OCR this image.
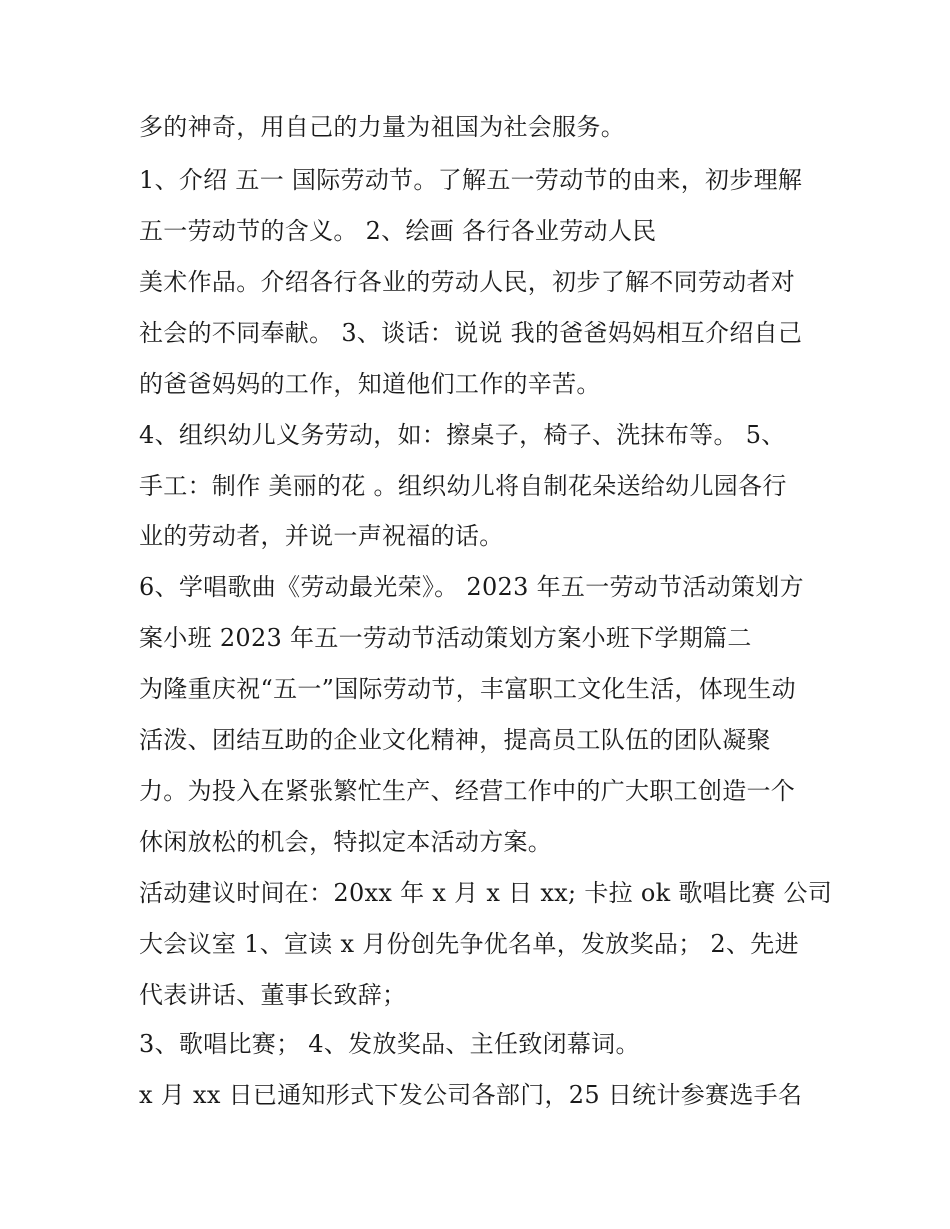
多的神奇，用自己的力量为祖国为社会服务。
1、介绍 五一 国际劳动节。了解五一劳动节的由来，初步理解
五一劳动节的含义。 2、绘画 各行各业劳动人民
美术作品。介绍各行各业的劳动人民，初步了解不同劳动者对
社会的不同奉献。 3、谈话：说说 我的爸爸妈妈相互介绍自己
的爸爸妈妈的工作，知道他们工作的辛苦。
4、组织幼儿义务劳动，如：擦桌子，椅子、洗抹布等。 5、
手工：制作 美丽的花 。组织幼儿将自制花朵送给幼儿园各行
业的劳动者，并说一声祝福的话。
6、学唱歌曲《劳动最光荣》。 2023 年五一劳动节活动策划方
案小班 2023 年五一劳动节活动策划方案小班下学期篇二
为隆重庆祝“五一”国际劳动节，丰富职工文化生活，体现生动
活泼、团结互助的企业文化精神，提高员工队伍的团队凝聚
力。为投入在紧张繁忙生产、经营工作中的广大职工创造一个
休闲放松的机会，特拟定本活动方案。
活动建议时间在：20xx 年 x 月 x 日 xx; 卡拉 ok 歌唱比赛 公司
大会议室 1、宣读 x 月份创先争优名单，发放奖品； 2、先进
代表讲话、董事长致辞；
3、歌唱比赛； 4、发放奖品、主任致闭幕词。
x 月 xx 日已通知形式下发公司各部门，25 日统计参赛选手名
